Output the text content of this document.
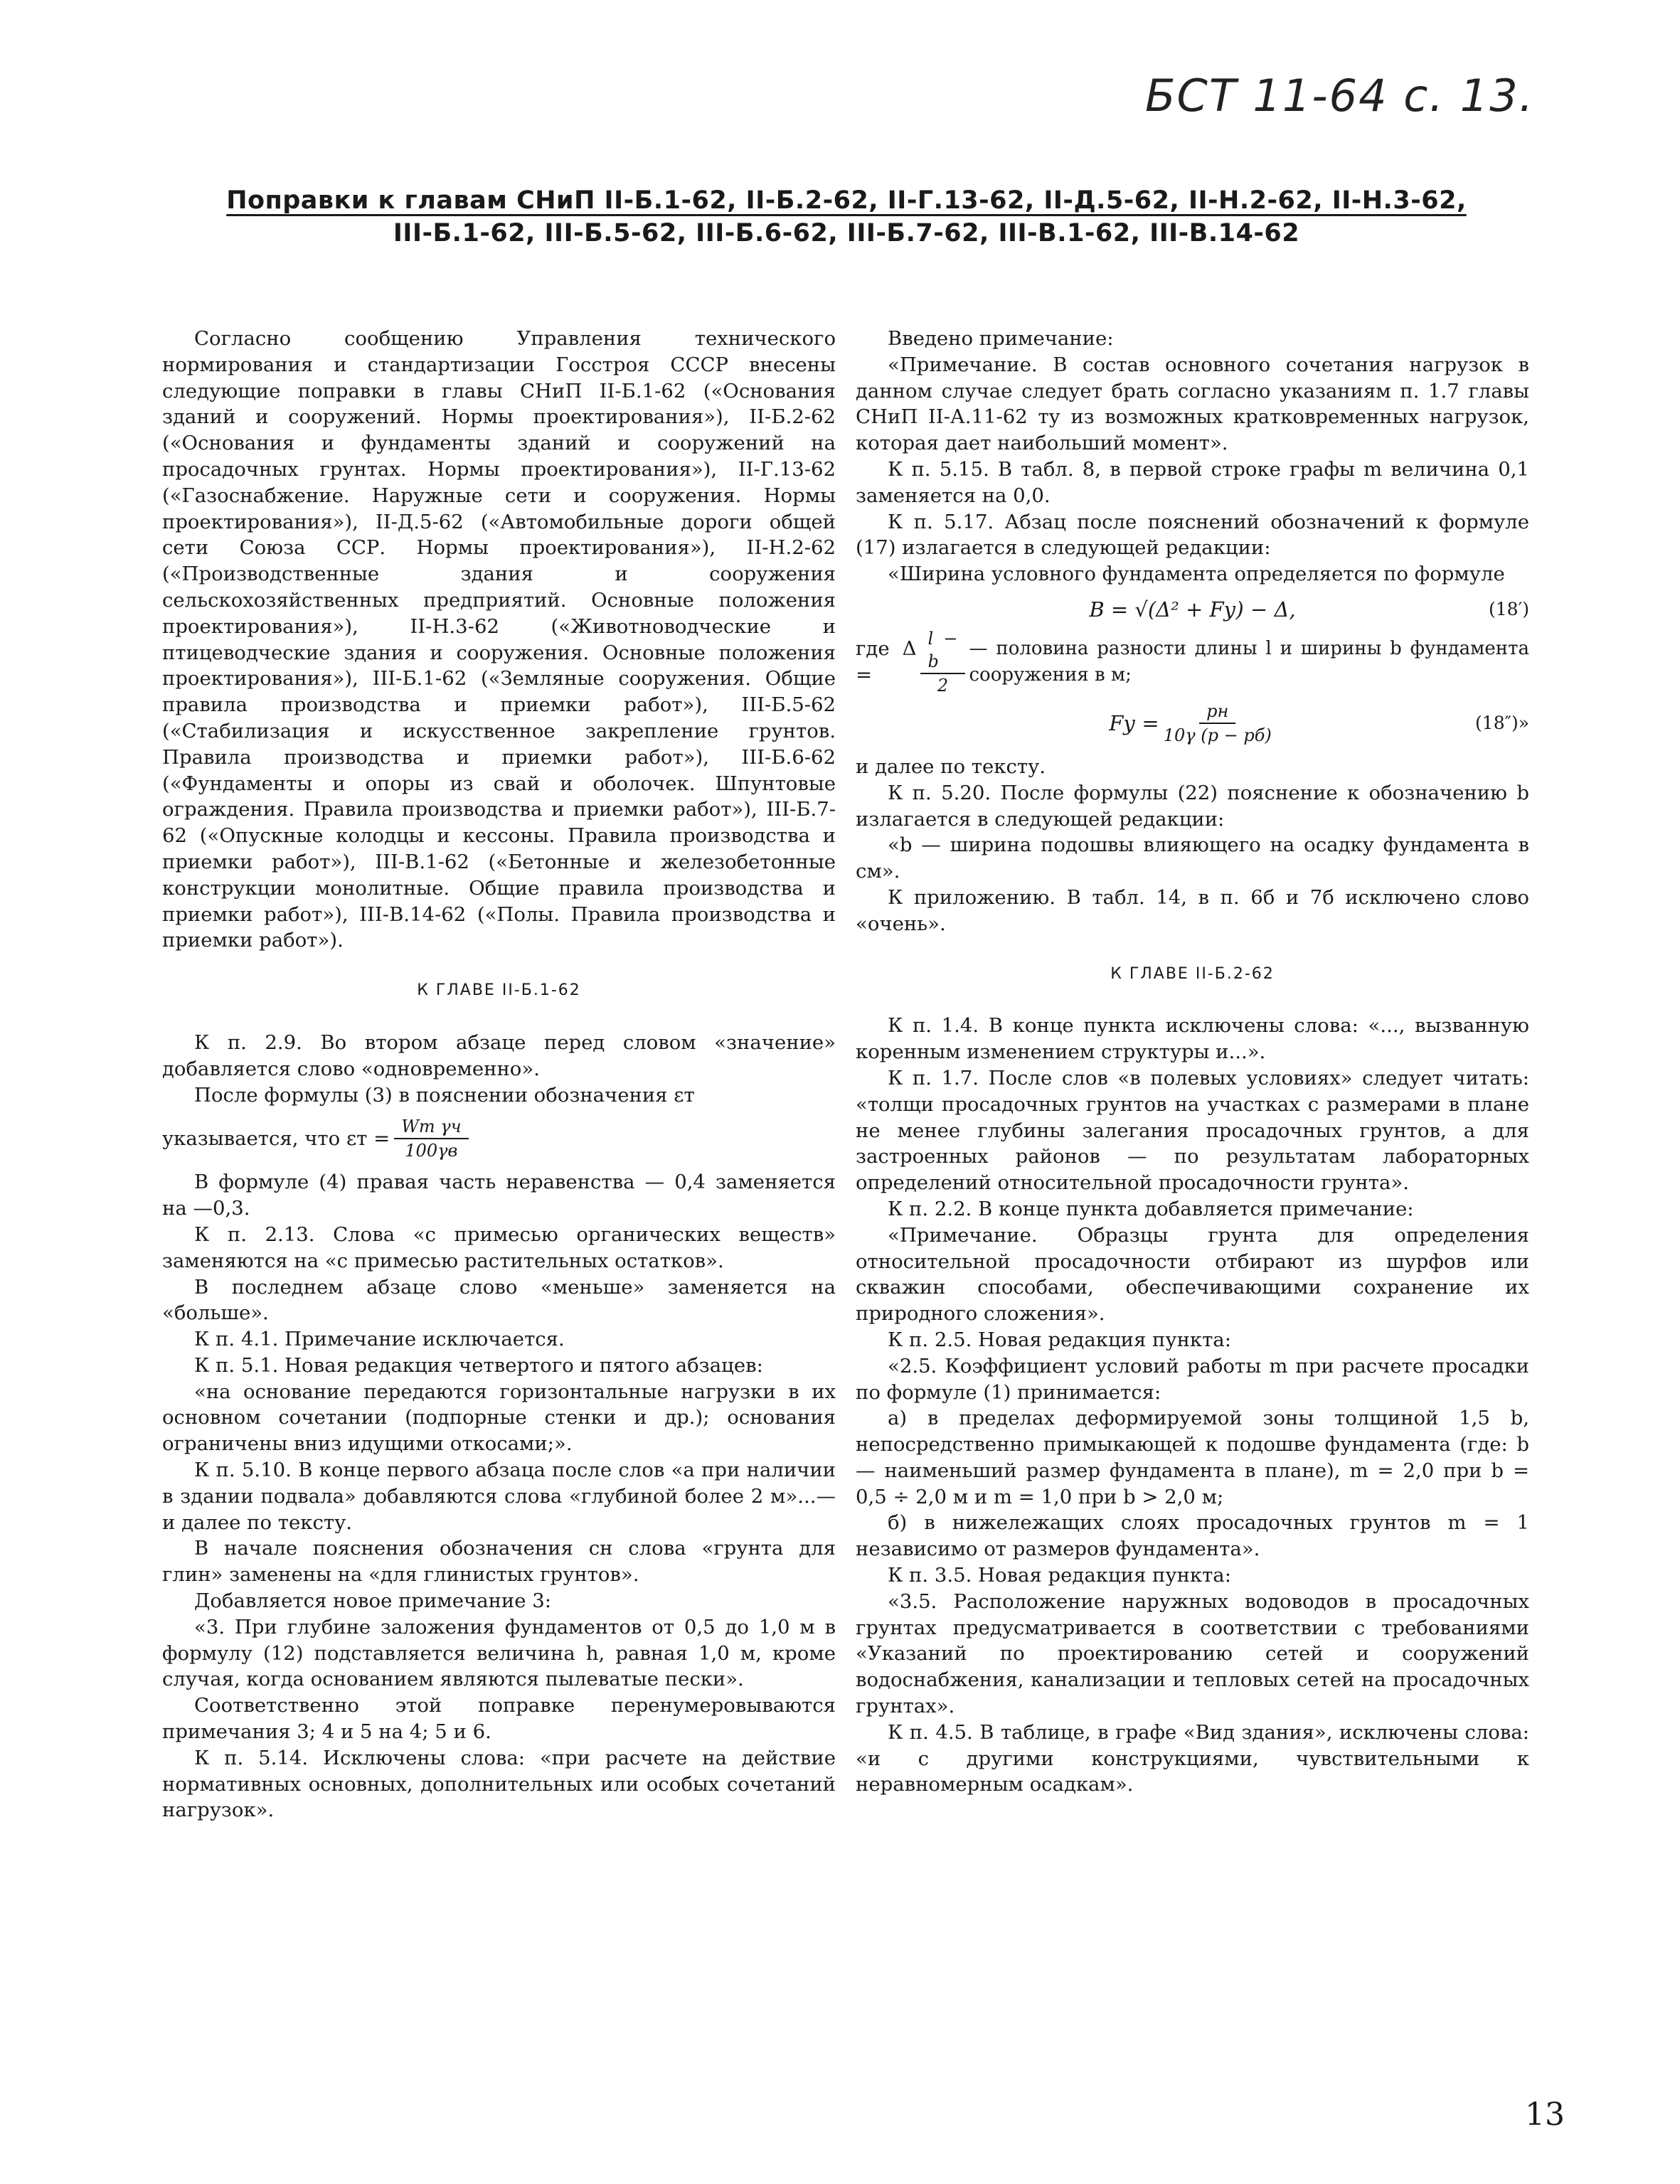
БСТ 11-64 с. 13.
Поправки к главам СНиП II-Б.1-62, II-Б.2-62, II-Г.13-62, II-Д.5-62, II-Н.2-62, II-Н.3-62,
III-Б.1-62, III-Б.5-62, III-Б.6-62, III-Б.7-62, III-В.1-62, III-В.14-62

Согласно сообщению Управления технического нормирования и стандартизации Госстроя СССР внесены следующие поправки в главы СНиП II-Б.1-62 («Основания зданий и сооружений. Нормы проектирования»), II-Б.2-62 («Основания и фундаменты зданий и сооружений на просадочных грунтах. Нормы проектирования»), II-Г.13-62 («Газоснабжение. Наружные сети и сооружения. Нормы проектирования»), II-Д.5-62 («Автомобильные дороги общей сети Союза ССР. Нормы проектирования»), II-Н.2-62 («Производственные здания и сооружения сельскохозяйственных предприятий. Основные положения проектирования»), II-Н.3-62 («Животноводческие и птицеводческие здания и сооружения. Основные положения проектирования»), III-Б.1-62 («Земляные сооружения. Общие правила производства и приемки работ»), III-Б.5-62 («Стабилизация и искусственное закрепление грунтов. Правила производства и приемки работ»), III-Б.6-62 («Фундаменты и опоры из свай и оболочек. Шпунтовые ограждения. Правила производства и приемки работ»), III-Б.7-62 («Опускные колодцы и кессоны. Правила производства и приемки работ»), III-В.1-62 («Бетонные и железобетонные конструкции монолитные. Общие правила производства и приемки работ»), III-В.14-62 («Полы. Правила производства и приемки работ»).

К ГЛАВЕ II-Б.1-62

К п. 2.9. Во втором абзаце перед словом «значение» добавляется слово «одновременно».

После формулы (3) в пояснении обозначения εт

указывается, что εт =
Wт γч
100γв

В формуле (4) правая часть неравенства — 0,4 заменяется на —0,3.

К п. 2.13. Слова «с примесью органических веществ» заменяются на «с примесью растительных остатков».

В последнем абзаце слово «меньше» заменяется на «больше».

К п. 4.1. Примечание исключается.

К п. 5.1. Новая редакция четвертого и пятого абзацев:

«на основание передаются горизонтальные нагрузки в их основном сочетании (подпорные стенки и др.); основания ограничены вниз идущими откосами;».

К п. 5.10. В конце первого абзаца после слов «а при наличии в здании подвала» добавляются слова «глубиной более 2 м»...— и далее по тексту.

В начале пояснения обозначения сн слова «грунта для глин» заменены на «для глинистых грунтов».

Добавляется новое примечание 3:

«3. При глубине заложения фундаментов от 0,5 до 1,0 м в формулу (12) подставляется величина h, равная 1,0 м, кроме случая, когда основанием являются пылеватые пески».

Соответственно этой поправке перенумеровываются примечания 3; 4 и 5 на 4; 5 и 6.

К п. 5.14. Исключены слова: «при расчете на действие нормативных основных, дополнительных или особых сочетаний нагрузок».

Введено примечание:

«Примечание. В состав основного сочетания нагрузок в данном случае следует брать согласно указаниям п. 1.7 главы СНиП II-А.11-62 ту из возможных кратковременных нагрузок, которая дает наибольший момент».

К п. 5.15. В табл. 8, в первой строке графы m величина 0,1 заменяется на 0,0.

К п. 5.17. Абзац после пояснений обозначений к формуле (17) излагается в следующей редакции:

«Ширина условного фундамента определяется по формуле

B = √(Δ² + Fу) − Δ,	(18′)
где Δ =	$\frac{l - b}{2}$ — половина разности длины l и ширины b фундамента сооружения в м;
Fу =	pн
10γ (p − pб)
(18″)»

и далее по тексту.

К п. 5.20. После формулы (22) пояснение к обозначению b излагается в следующей редакции:

«b — ширина подошвы влияющего на осадку фундамента в см».

К приложению. В табл. 14, в п. 6б и 7б исключено слово «очень».

К ГЛАВЕ II-Б.2-62

К п. 1.4. В конце пункта исключены слова: «..., вызванную коренным изменением структуры и...».

К п. 1.7. После слов «в полевых условиях» следует читать: «толщи просадочных грунтов на участках с размерами в плане не менее глубины залегания просадочных грунтов, а для застроенных районов — по результатам лабораторных определений относительной просадочности грунта».

К п. 2.2. В конце пункта добавляется примечание:

«Примечание. Образцы грунта для определения относительной просадочности отбирают из шурфов или скважин способами, обеспечивающими сохранение их природного сложения».

К п. 2.5. Новая редакция пункта:

«2.5. Коэффициент условий работы m при расчете просадки по формуле (1) принимается:

а) в пределах деформируемой зоны толщиной 1,5 b, непосредственно примыкающей к подошве фундамента (где: b — наименьший размер фундамента в плане), m = 2,0 при b = 0,5 ÷ 2,0 м и m = 1,0 при b > 2,0 м;

б) в нижележащих слоях просадочных грунтов m = 1 независимо от размеров фундамента».

К п. 3.5. Новая редакция пункта:

«3.5. Расположение наружных водоводов в просадочных грунтах предусматривается в соответствии с требованиями «Указаний по проектированию сетей и сооружений водоснабжения, канализации и тепловых сетей на просадочных грунтах».

К п. 4.5. В таблице, в графе «Вид здания», исключены слова: «и с другими конструкциями, чувствительными к неравномерным осадкам».

13
